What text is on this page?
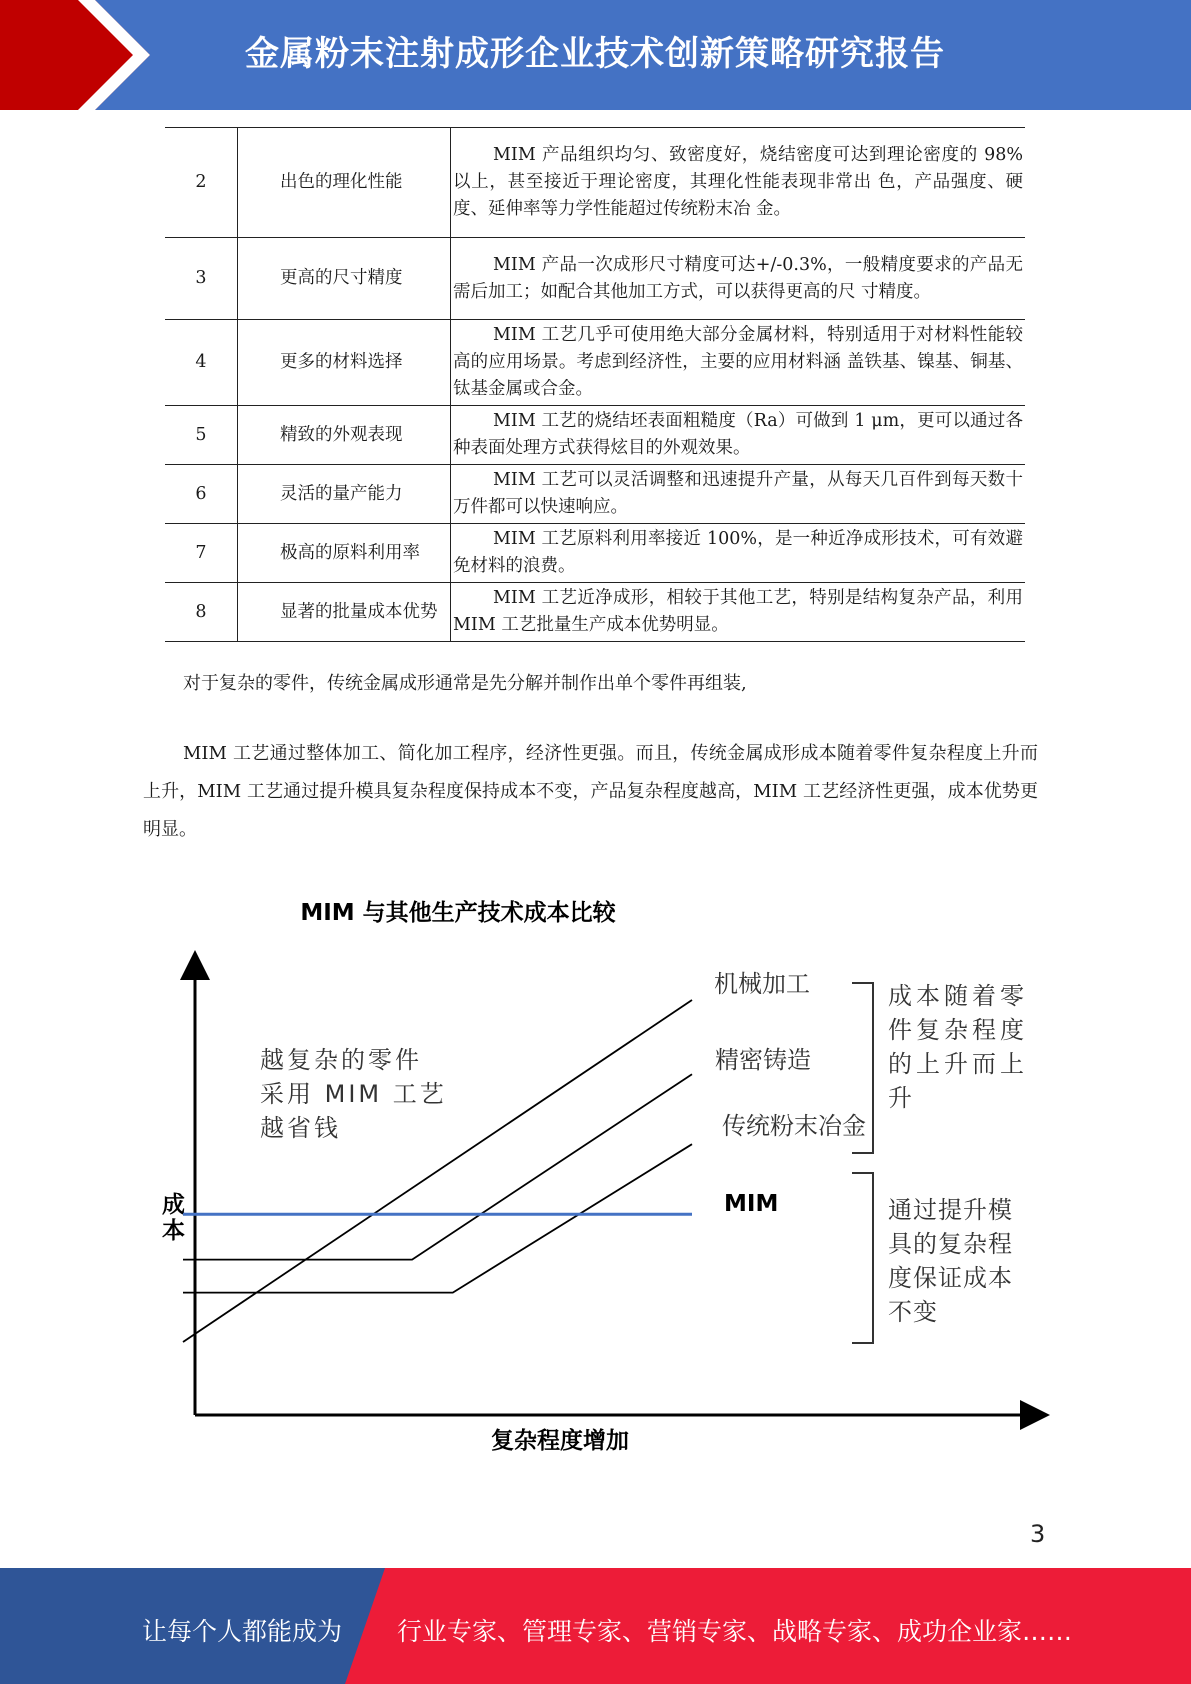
金属粉末注射成形企业技术创新策略研究报告
2	出色的理化性能	MIM 产品组织均匀、致密度好，烧结密度可达到理论密度的 98%以上，甚至接近于理论密度，其理化性能表现非常出 色，产品强度、硬度、延伸率等力学性能超过传统粉末冶 金。
3	更高的尺寸精度	MIM 产品一次成形尺寸精度可达+/-0.3%，一般精度要求的产品无需后加工；如配合其他加工方式，可以获得更高的尺 寸精度。
4	更多的材料选择	MIM 工艺几乎可使用绝大部分金属材料，特别适用于对材料性能较高的应用场景。考虑到经济性，主要的应用材料涵 盖铁基、镍基、铜基、钛基金属或合金。
5	精致的外观表现	MIM 工艺的烧结坯表面粗糙度（Ra）可做到 1 μm，更可以通过各种表面处理方式获得炫目的外观效果。
6	灵活的量产能力	MIM 工艺可以灵活调整和迅速提升产量，从每天几百件到每天数十万件都可以快速响应。
7	极高的原料利用率	MIM 工艺原料利用率接近 100%，是一种近净成形技术，可有效避免材料的浪费。
8	显著的批量成本优势	MIM 工艺近净成形，相较于其他工艺，特别是结构复杂产品，利用 MIM 工艺批量生产成本优势明显。
对于复杂的零件，传统金属成形通常是先分解并制作出单个零件再组装,
MIM 工艺通过整体加工、简化加工程序，经济性更强。而且，传统金属成形成本随着零件复杂程度上升而上升，MIM 工艺通过提升模具复杂程度保持成本不变，产品复杂程度越高，MIM 工艺经济性更强，成本优势更明显。
MIM 与其他生产技术成本比较
成
本
复杂程度增加
越复杂的零件
采用 MIM 工艺
越省钱
机械加工
精密铸造
传统粉末冶金
MIM
成本随着零
件复杂程度
的上升而上
升
通过提升模
具的复杂程
度保证成本
不变
3
让每个人都能成为 行业专家、管理专家、营销专家、战略专家、成功企业家……
